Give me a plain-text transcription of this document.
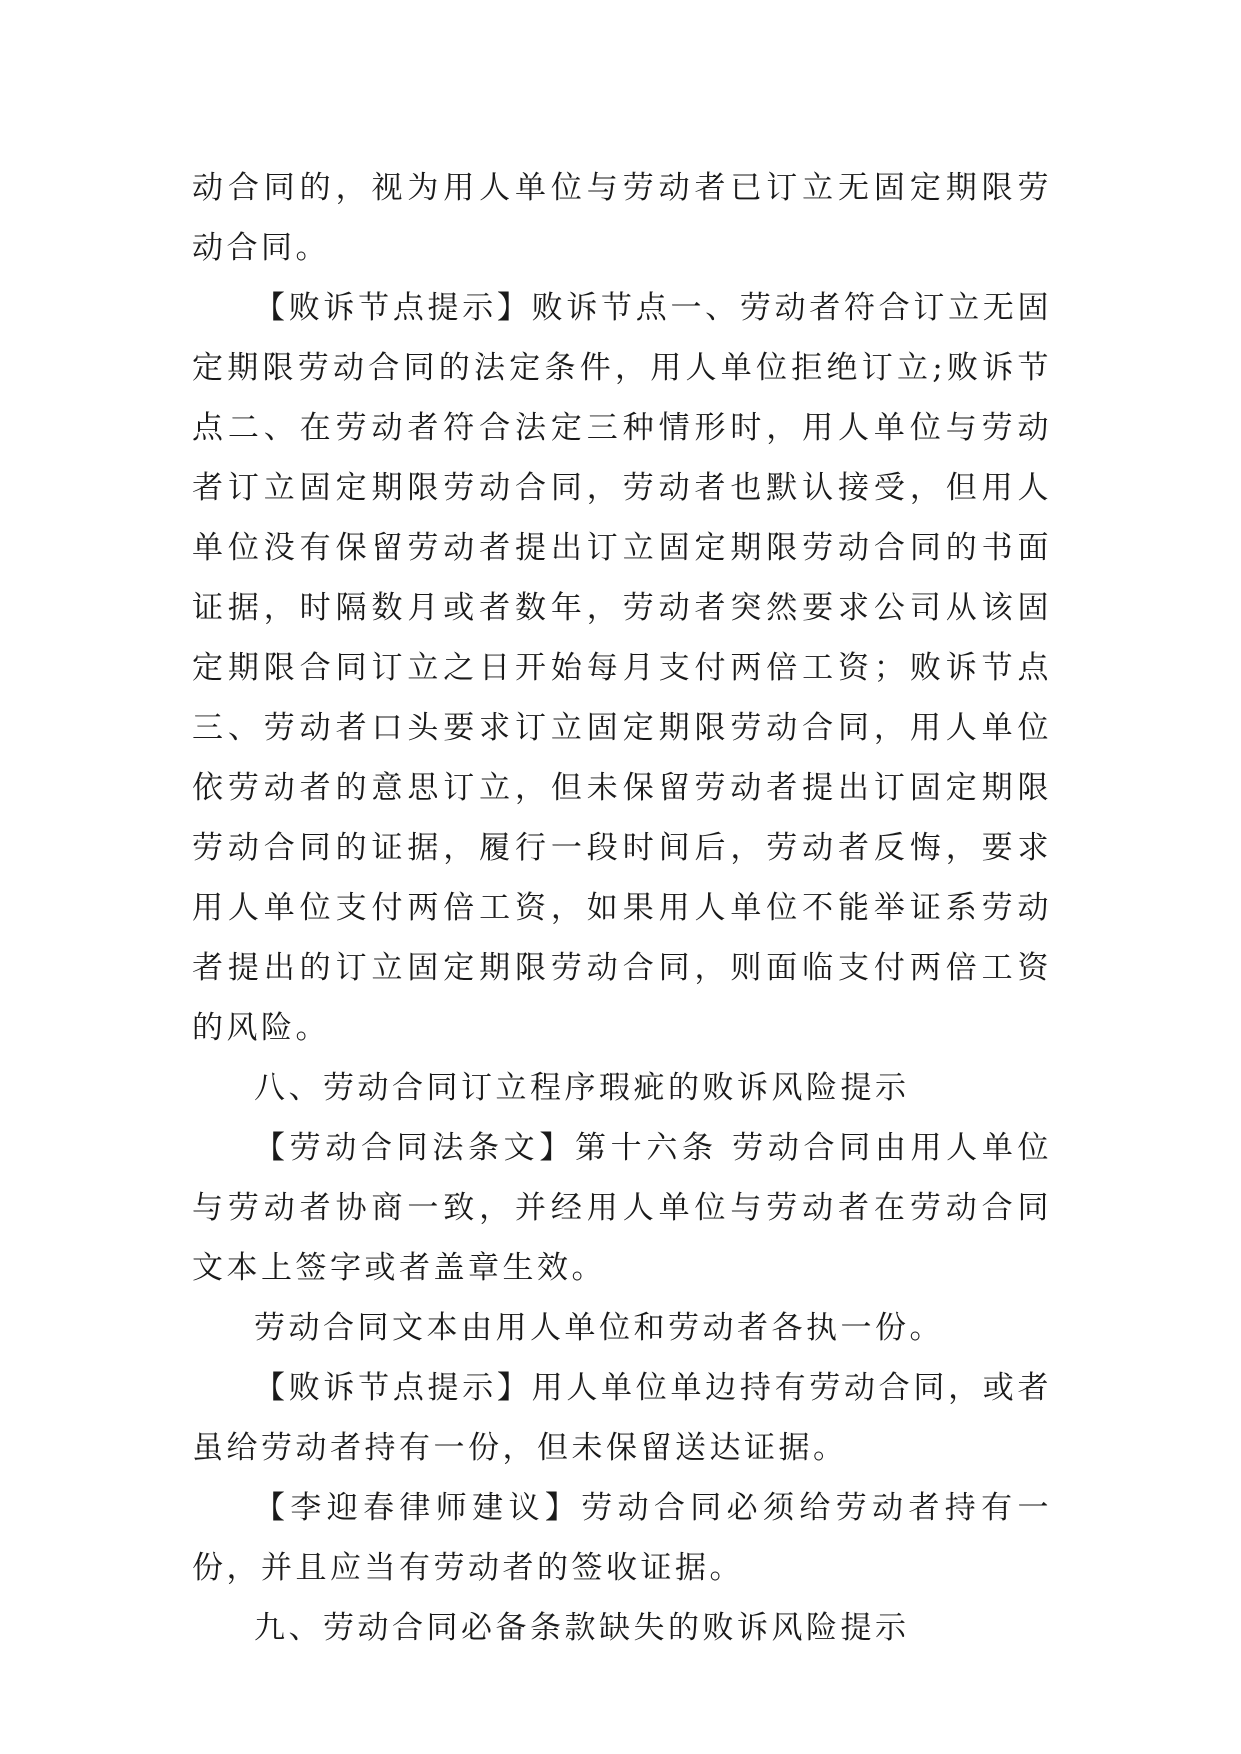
动合同的，视为用人单位与劳动者已订立无固定期限劳动合同。

【败诉节点提示】败诉节点一、劳动者符合订立无固定期限劳动合同的法定条件，用人单位拒绝订立;败诉节点二、在劳动者符合法定三种情形时，用人单位与劳动者订立固定期限劳动合同，劳动者也默认接受，但用人单位没有保留劳动者提出订立固定期限劳动合同的书面证据，时隔数月或者数年，劳动者突然要求公司从该固定期限合同订立之日开始每月支付两倍工资；败诉节点三、劳动者口头要求订立固定期限劳动合同，用人单位依劳动者的意思订立，但未保留劳动者提出订固定期限劳动合同的证据，履行一段时间后，劳动者反悔，要求用人单位支付两倍工资，如果用人单位不能举证系劳动者提出的订立固定期限劳动合同，则面临支付两倍工资的风险。

八、劳动合同订立程序瑕疵的败诉风险提示

【劳动合同法条文】第十六条 劳动合同由用人单位与劳动者协商一致，并经用人单位与劳动者在劳动合同文本上签字或者盖章生效。

劳动合同文本由用人单位和劳动者各执一份。

【败诉节点提示】用人单位单边持有劳动合同，或者虽给劳动者持有一份，但未保留送达证据。

【李迎春律师建议】劳动合同必须给劳动者持有一份，并且应当有劳动者的签收证据。

九、劳动合同必备条款缺失的败诉风险提示
